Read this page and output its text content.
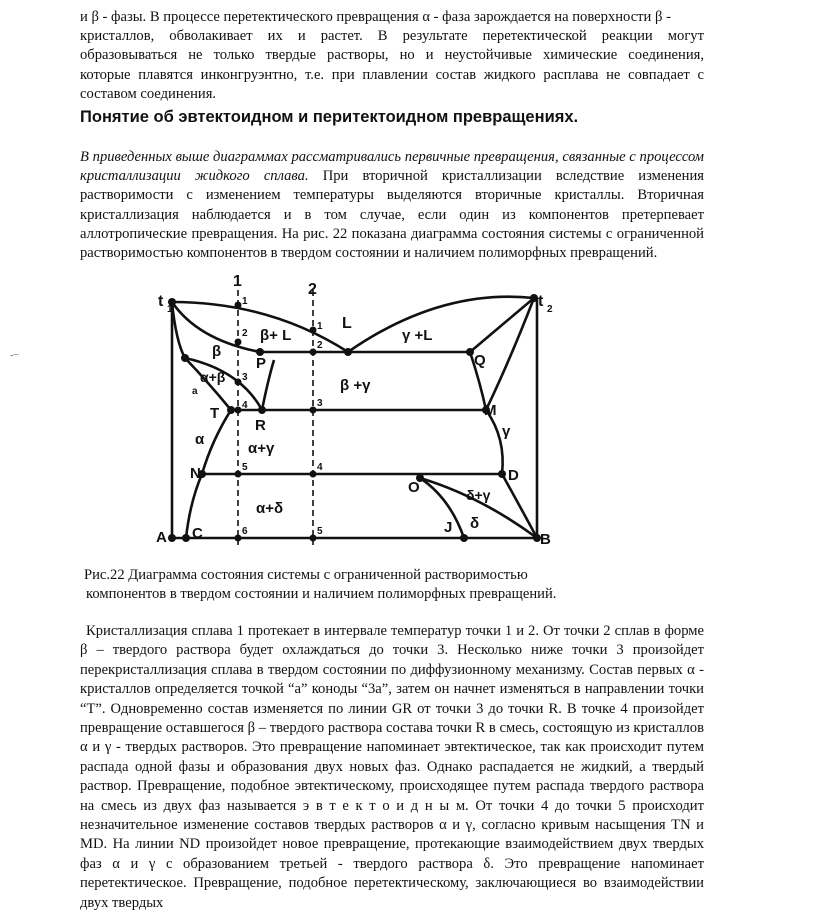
и β - фазы. В процессе перетектического превращения α - фаза зарождается на поверхности β -
кристаллов, обволакивает их и растет. В результате перетектической реакции могут
образовываться не только твердые растворы, но и неустойчивые химические соединения,
которые плавятся инконгруэнтно, т.е. при плавлении состав жидкого расплава не совпадает с
составом соединения.
Понятие об эвтектоидном и перитектоидном превращениях.

В приведенных выше диаграммах рассматривались первичные превращения, связанные с процессом кристаллизации жидкого сплава. При вторичной кристаллизации вследствие изменения растворимости с изменением температуры выделяются вторичные кристаллы. Вторичная кристаллизация наблюдается и в том случае, если один из компонентов претерпевает аллотропические превращения. На рис. 22 показана диаграмма состояния системы с ограниченной растворимостью компонентов в твердом состоянии и наличием полиморфных превращений.

- ̶
t 1	t 2
1	2
L
β+ L	γ +L
β
P	Q
α+β
a	β +γ
T
R
M
α
α+γ
γ
N
O
D
δ+γ
α+δ
J δ
A C	B
1
2
3
4
5
6
1
2
3
4
5

Рис.22 Диаграмма состояния системы с ограниченной растворимостью
компонентов в твердом состоянии и наличием полиморфных превращений.

Кристаллизация сплава 1 протекает в интервале температур точки 1 и 2. От точки 2 сплав в форме β – твердого раствора будет охлаждаться до точки 3. Несколько ниже точки 3 произойдет перекристаллизация сплава в твердом состоянии по диффузионному механизму. Состав первых α - кристаллов определяется точкой “а” коноды “3а”, затем он начнет изменяться в направлении точки “Т”. Одновременно состав изменяется по линии GR от точки 3 до точки R. В точке 4 произойдет превращение оставшегося β – твердого раствора состава точки R в смесь, состоящую из кристаллов α и γ - твердых растворов. Это превращение напоминает эвтектическое, так как происходит путем распада одной фазы и образования двух новых фаз. Однако распадается не жидкий, а твердый раствор. Превращение, подобное эвтектическому, происходящее путем распада твердого раствора на смесь из двух фаз называется э в т е к т о и д н ы м. От точки 4 до точки 5 происходит незначительное изменение составов твердых растворов α и γ, согласно кривым насыщения TN и MD. На линии ND произойдет новое превращение, протекающие взаимодействием двух твердых фаз α и γ с образованием третьей - твердого раствора δ. Это превращение напоминает перетектическое. Превращение, подобное перетектическому, заключающиеся во взаимодействии двух твердых
